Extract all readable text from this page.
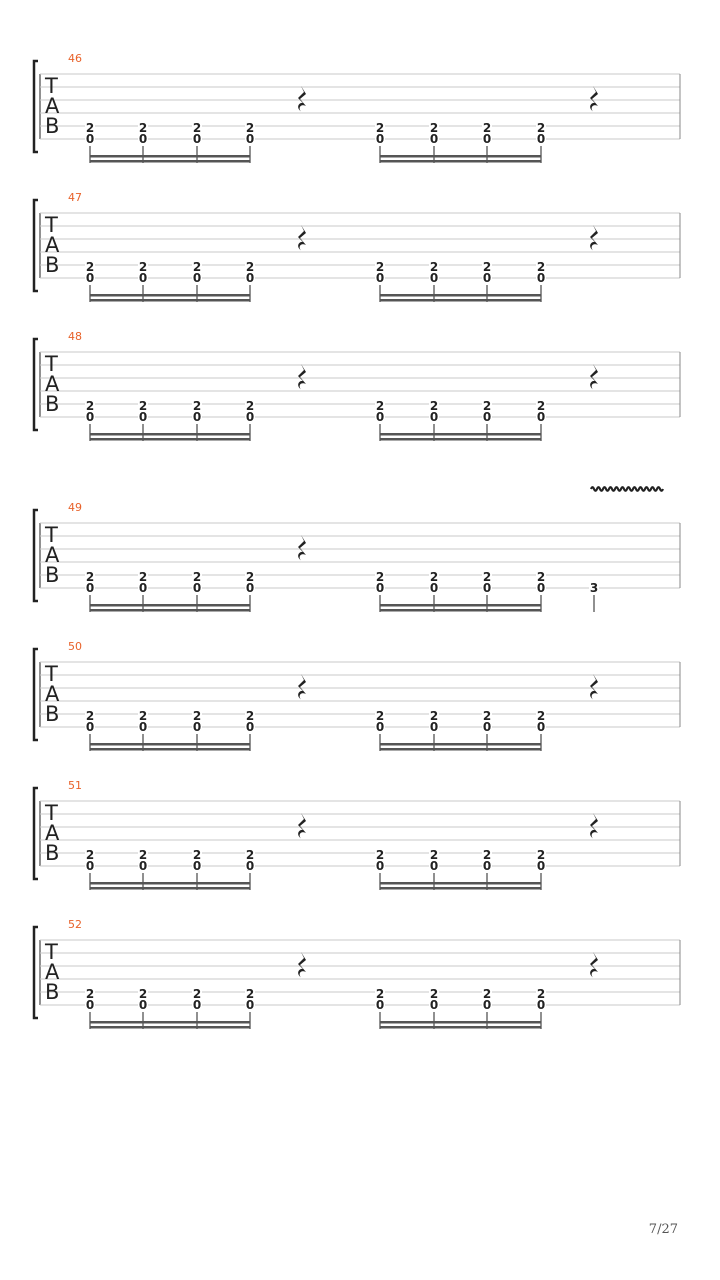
46
T
A
B 2
0
2
0
2
0
2
0
2
0
2
0
2
0
2
0
47
T
A
B 2
0
2
0
2
0
2
0
2
0
2
0
2
0
2
0
48
T
A
B 2
0
2
0
2
0
2
0
2
0
2
0
2
0
2
0
49
T
A
B 2
0
2
0
2
0
2
0
2
0
2
0
2
0
2
0	3
50
T
A
B 2
0
2
0
2
0
2
0
2
0
2
0
2
0
2
0
51
T
A
B 2
0
2
0
2
0
2
0
2
0
2
0
2
0
2
0
52
T
A
B 2
0
2
0
2
0
2
0
2
0
2
0
2
0
2
0
7/27
